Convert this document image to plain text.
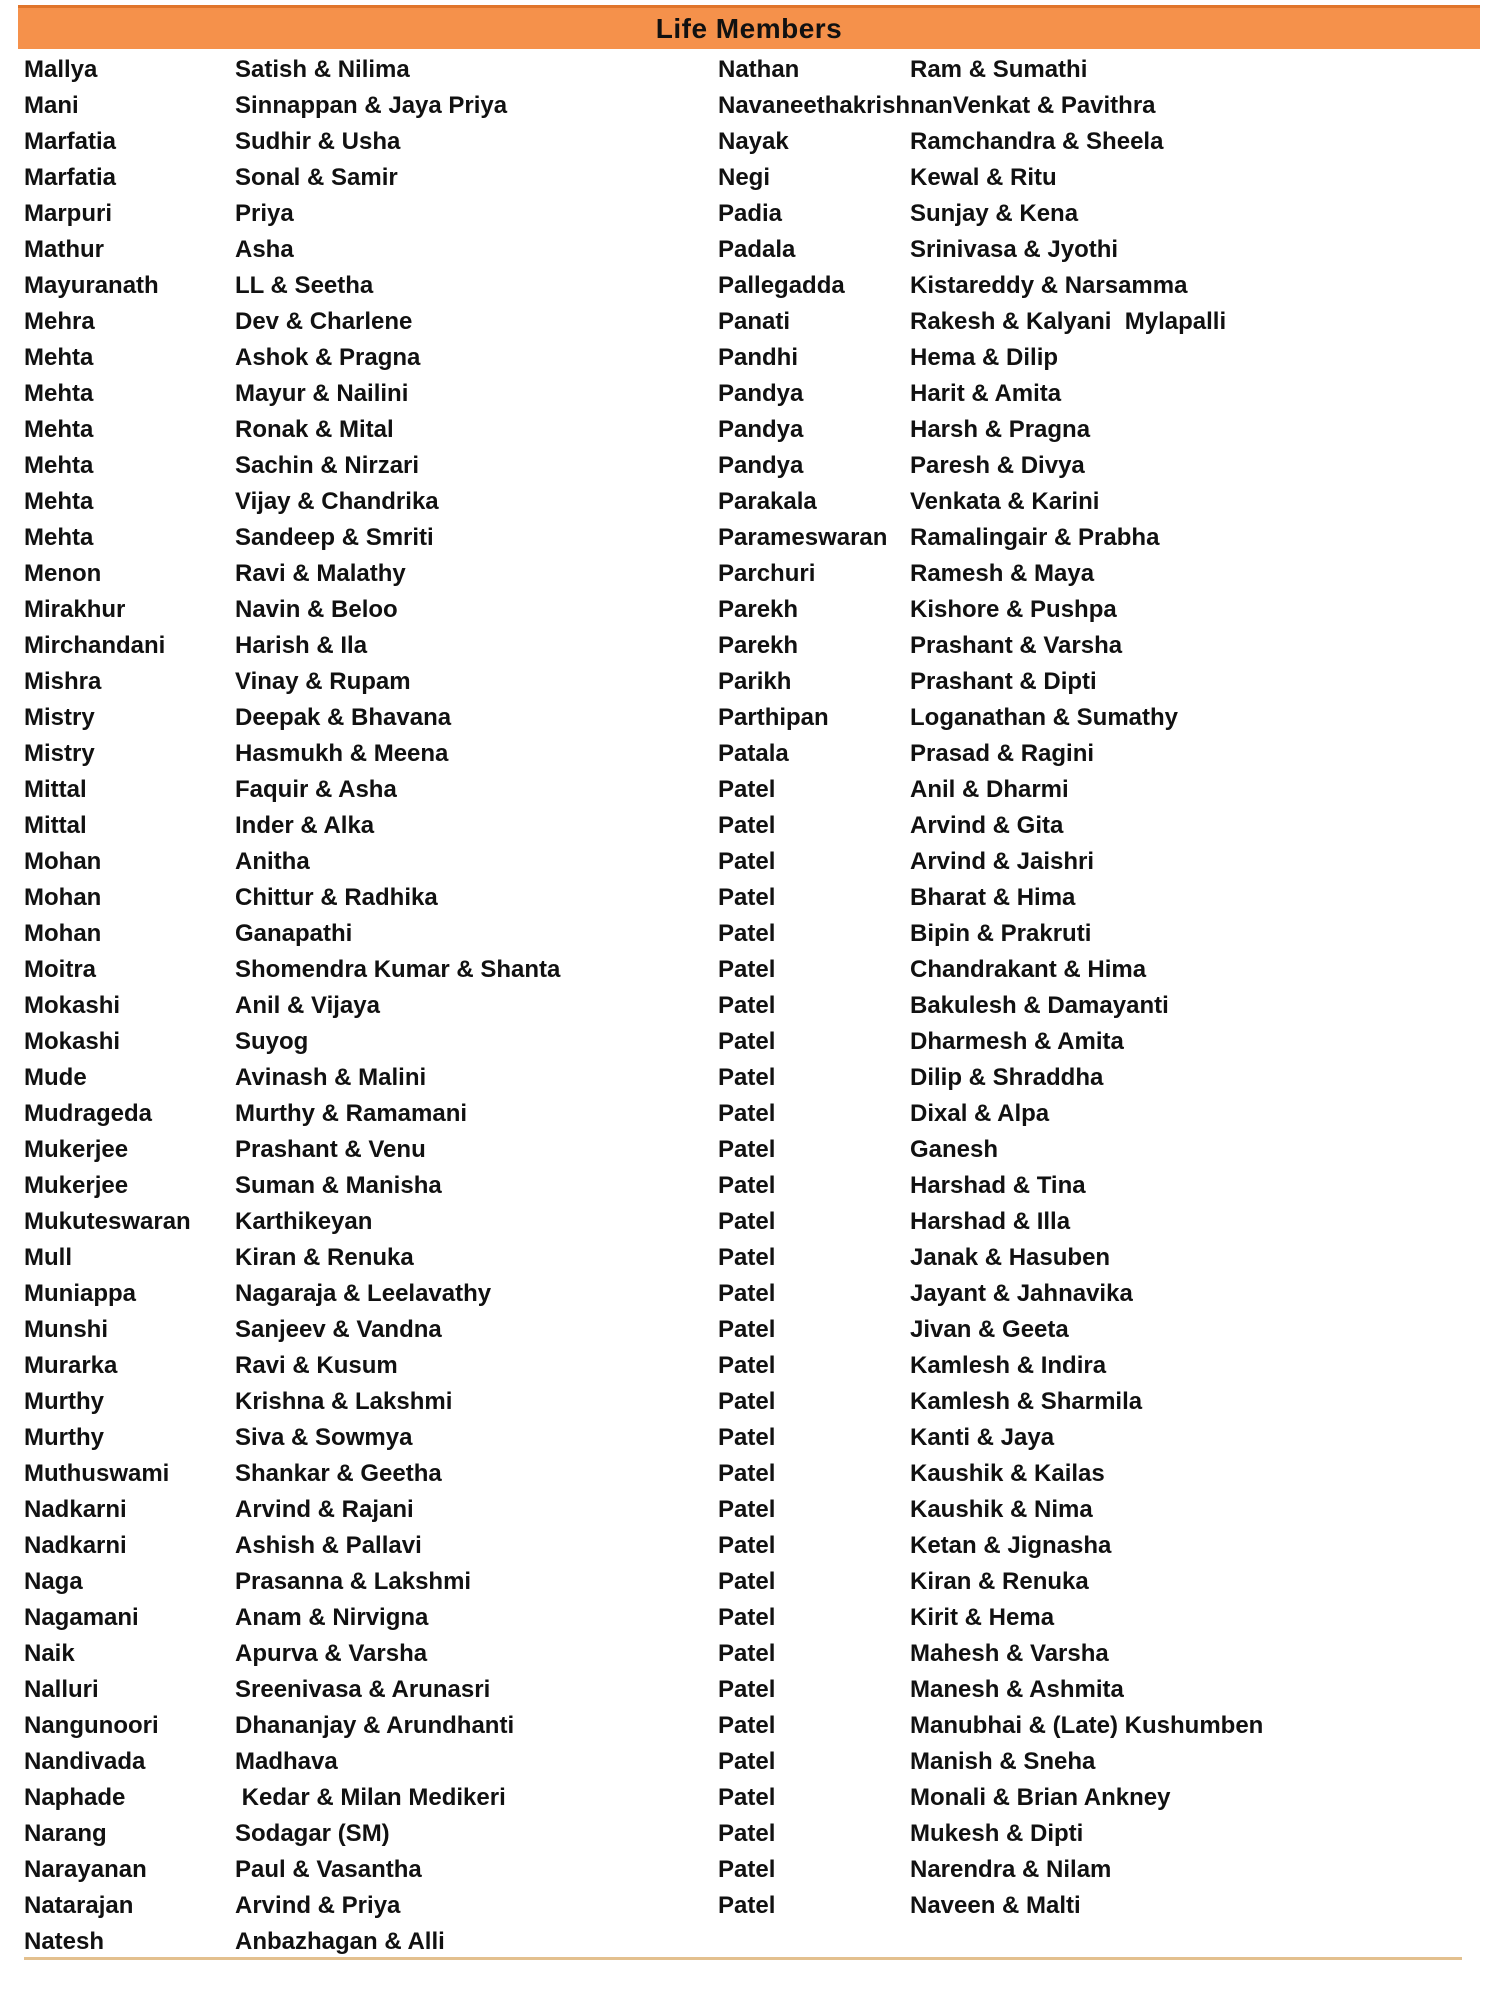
Life Members
Mallya	Satish & Nilima
Mani	Sinnappan & Jaya Priya
Marfatia	Sudhir & Usha
Marfatia	Sonal & Samir
Marpuri	Priya
Mathur	Asha
Mayuranath	LL & Seetha
Mehra	Dev & Charlene
Mehta	Ashok & Pragna
Mehta	Mayur & Nailini
Mehta	Ronak & Mital
Mehta	Sachin & Nirzari
Mehta	Vijay & Chandrika
Mehta	Sandeep & Smriti
Menon	Ravi & Malathy
Mirakhur	Navin & Beloo
Mirchandani	Harish & Ila
Mishra	Vinay & Rupam
Mistry	Deepak & Bhavana
Mistry	Hasmukh & Meena
Mittal	Faquir & Asha
Mittal	Inder & Alka
Mohan	Anitha
Mohan	Chittur & Radhika
Mohan	Ganapathi
Moitra	Shomendra Kumar & Shanta
Mokashi	Anil & Vijaya
Mokashi	Suyog
Mude	Avinash & Malini
Mudrageda	Murthy & Ramamani
Mukerjee	Prashant & Venu
Mukerjee	Suman & Manisha
Mukuteswaran	Karthikeyan
Mull	Kiran & Renuka
Muniappa	Nagaraja & Leelavathy
Munshi	Sanjeev & Vandna
Murarka	Ravi & Kusum
Murthy	Krishna & Lakshmi
Murthy	Siva & Sowmya
Muthuswami	Shankar & Geetha
Nadkarni	Arvind & Rajani
Nadkarni	Ashish & Pallavi
Naga	Prasanna & Lakshmi
Nagamani	Anam & Nirvigna
Naik	Apurva & Varsha
Nalluri	Sreenivasa & Arunasri
Nangunoori	Dhananjay & Arundhanti
Nandivada	Madhava
Naphade	Kedar & Milan Medikeri
Narang	Sodagar (SM)
Narayanan	Paul & Vasantha
Natarajan	Arvind & Priya
Natesh	Anbazhagan & Alli
Nathan	Ram & Sumathi
Navaneethakrishnan Venkat & Pavithra
Nayak	Ramchandra & Sheela
Negi	Kewal & Ritu
Padia	Sunjay & Kena
Padala	Srinivasa & Jyothi
Pallegadda	Kistareddy & Narsamma
Panati	Rakesh & Kalyani  Mylapalli
Pandhi	Hema & Dilip
Pandya	Harit & Amita
Pandya	Harsh & Pragna
Pandya	Paresh & Divya
Parakala	Venkata & Karini
Parameswaran Ramalingair & Prabha
Parchuri	Ramesh & Maya
Parekh	Kishore & Pushpa
Parekh	Prashant & Varsha
Parikh	Prashant & Dipti
Parthipan	Loganathan & Sumathy
Patala	Prasad & Ragini
Patel	Anil & Dharmi
Patel	Arvind & Gita
Patel	Arvind & Jaishri
Patel	Bharat & Hima
Patel	Bipin & Prakruti
Patel	Chandrakant & Hima
Patel	Bakulesh & Damayanti
Patel	Dharmesh & Amita
Patel	Dilip & Shraddha
Patel	Dixal & Alpa
Patel	Ganesh
Patel	Harshad & Tina
Patel	Harshad & Illa
Patel	Janak & Hasuben
Patel	Jayant & Jahnavika
Patel	Jivan & Geeta
Patel	Kamlesh & Indira
Patel	Kamlesh & Sharmila
Patel	Kanti & Jaya
Patel	Kaushik & Kailas
Patel	Kaushik & Nima
Patel	Ketan & Jignasha
Patel	Kiran & Renuka
Patel	Kirit & Hema
Patel	Mahesh & Varsha
Patel	Manesh & Ashmita
Patel	Manubhai & (Late) Kushumben
Patel	Manish & Sneha
Patel	Monali & Brian Ankney
Patel	Mukesh & Dipti
Patel	Narendra & Nilam
Patel	Naveen & Malti
